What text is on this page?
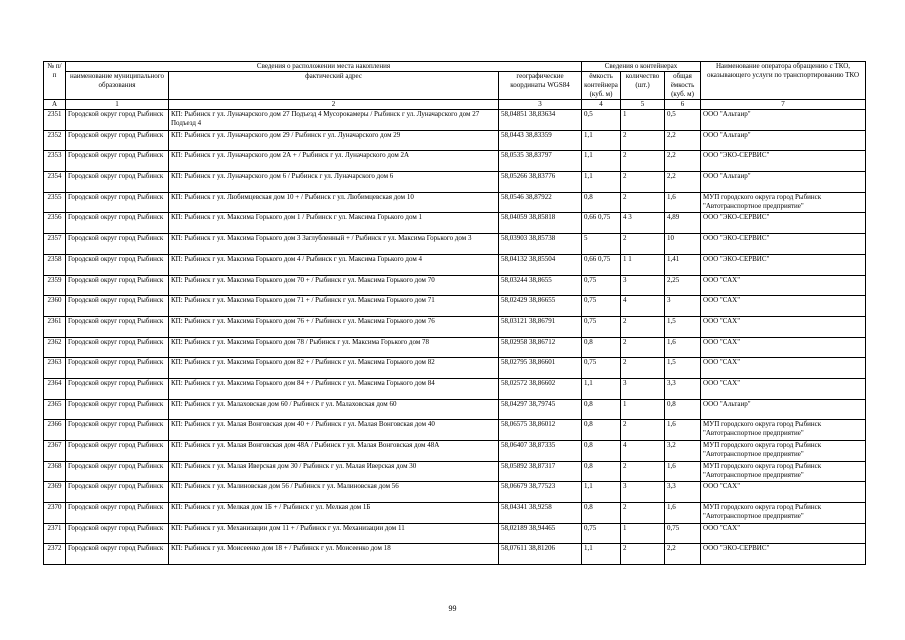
№ п/п	Сведения о расположении места накопления			Сведения о контейнерах			Наименование оператора обращению с ТКО, оказывающего услуги по транспортированию ТКО
	наименование муниципального образования	фактический адрес	географические координаты WGS84	ёмкость контейнера (куб. м)	количество (шт.)	общая ёмкость (куб. м)	
А	1	2	3	4	5	6	7
2351	Городской округ город Рыбинск	КП: Рыбинск г ул. Луначарского дом 27 Подъезд 4 Мусорокамеры / Рыбинск г ул. Луначарского дом 27 Подъезд 4	58,04851 38,83634	0,5	1	0,5	ООО "Альтаир"
2352	Городской округ город Рыбинск	КП: Рыбинск г ул. Луначарского дом 29 / Рыбинск г ул. Луначарского дом 29	58,0443 38,83359	1,1	2	2,2	ООО "Альтаир"
2353	Городской округ город Рыбинск	КП: Рыбинск г ул. Луначарского дом 2А + / Рыбинск г ул. Луначарского дом 2А	58,0535 38,83797	1,1	2	2,2	ООО "ЭКО-СЕРВИС"
2354	Городской округ город Рыбинск	КП: Рыбинск г ул. Луначарского дом 6 / Рыбинск г ул. Луначарского дом 6	58,05266 38,83776	1,1	2	2,2	ООО "Альтаир"
2355	Городской округ город Рыбинск	КП: Рыбинск г ул. Любимцевская дом 10 + / Рыбинск г ул. Любимцевская дом 10	58,0546 38,87922	0,8	2	1,6	МУП городского округа город Рыбинск "Автотранспортное предприятие"
2356	Городской округ город Рыбинск	КП: Рыбинск г ул. Максима Горького дом 1 / Рыбинск г ул. Максима Горького дом 1	58,04059 38,85818	0,66 0,75	4 3	4,89	ООО "ЭКО-СЕРВИС"
2357	Городской округ город Рыбинск	КП: Рыбинск г ул. Максима Горького дом 3 Заглубленный + / Рыбинск г ул. Максима Горького дом 3	58,03903 38,85738	5	2	10	ООО "ЭКО-СЕРВИС"
2358	Городской округ город Рыбинск	КП: Рыбинск г ул. Максима Горького дом 4 / Рыбинск г ул. Максима Горького дом 4	58,04132 38,85504	0,66 0,75	1 1	1,41	ООО "ЭКО-СЕРВИС"
2359	Городской округ город Рыбинск	КП: Рыбинск г ул. Максима Горького дом 70 + / Рыбинск г ул. Максима Горького дом 70	58,03244 38,8655	0,75	3	2,25	ООО "САХ"
2360	Городской округ город Рыбинск	КП: Рыбинск г ул. Максима Горького дом 71 + / Рыбинск г ул. Максима Горького дом 71	58,02429 38,86655	0,75	4	3	ООО "САХ"
2361	Городской округ город Рыбинск	КП: Рыбинск г ул. Максима Горького дом 76 + / Рыбинск г ул. Максима Горького дом 76	58,03121 38,86791	0,75	2	1,5	ООО "САХ"
2362	Городской округ город Рыбинск	КП: Рыбинск г ул. Максима Горького дом 78 / Рыбинск г ул. Максима Горького дом 78	58,02958 38,86712	0,8	2	1,6	ООО "САХ"
2363	Городской округ город Рыбинск	КП: Рыбинск г ул. Максима Горького дом 82 + / Рыбинск г ул. Максима Горького дом 82	58,02795 38,86601	0,75	2	1,5	ООО "САХ"
2364	Городской округ город Рыбинск	КП: Рыбинск г ул. Максима Горького дом 84 + / Рыбинск г ул. Максима Горького дом 84	58,02572 38,86602	1,1	3	3,3	ООО "САХ"
2365	Городской округ город Рыбинск	КП: Рыбинск г ул. Малаховская дом 60 / Рыбинск г ул. Малаховская дом 60	58,04297 38,79745	0,8	1	0,8	ООО "Альтаир"
2366	Городской округ город Рыбинск	КП: Рыбинск г ул. Малая Вонговская дом 40 + / Рыбинск г ул. Малая Вонговская дом 40	58,06575 38,86012	0,8	2	1,6	МУП городского округа город Рыбинск "Автотранспортное предприятие"
2367	Городской округ город Рыбинск	КП: Рыбинск г ул. Малая Вонговская дом 48А / Рыбинск г ул. Малая Вонговская дом 48А	58,06407 38,87335	0,8	4	3,2	МУП городского округа город Рыбинск "Автотранспортное предприятие"
2368	Городской округ город Рыбинск	КП: Рыбинск г ул. Малая Иверская дом 30 / Рыбинск г ул. Малая Иверская дом 30	58,05892 38,87317	0,8	2	1,6	МУП городского округа город Рыбинск "Автотранспортное предприятие"
2369	Городской округ город Рыбинск	КП: Рыбинск г ул. Малиновская дом 56 / Рыбинск г ул. Малиновская дом 56	58,06679 38,77523	1,1	3	3,3	ООО "САХ"
2370	Городской округ город Рыбинск	КП: Рыбинск г ул. Мелкая дом 1Б + / Рыбинск г ул. Мелкая дом 1Б	58,04341 38,9258	0,8	2	1,6	МУП городского округа город Рыбинск "Автотранспортное предприятие"
2371	Городской округ город Рыбинск	КП: Рыбинск г ул. Механизации дом 11 + / Рыбинск г ул. Механизации дом 11	58,02189 38,94465	0,75	1	0,75	ООО "САХ"
2372	Городской округ город Рыбинск	КП: Рыбинск г ул. Моисеенко дом 18 + / Рыбинск г ул. Моисеенко дом 18	58,07611 38,81206	1,1	2	2,2	ООО "ЭКО-СЕРВИС"
99
